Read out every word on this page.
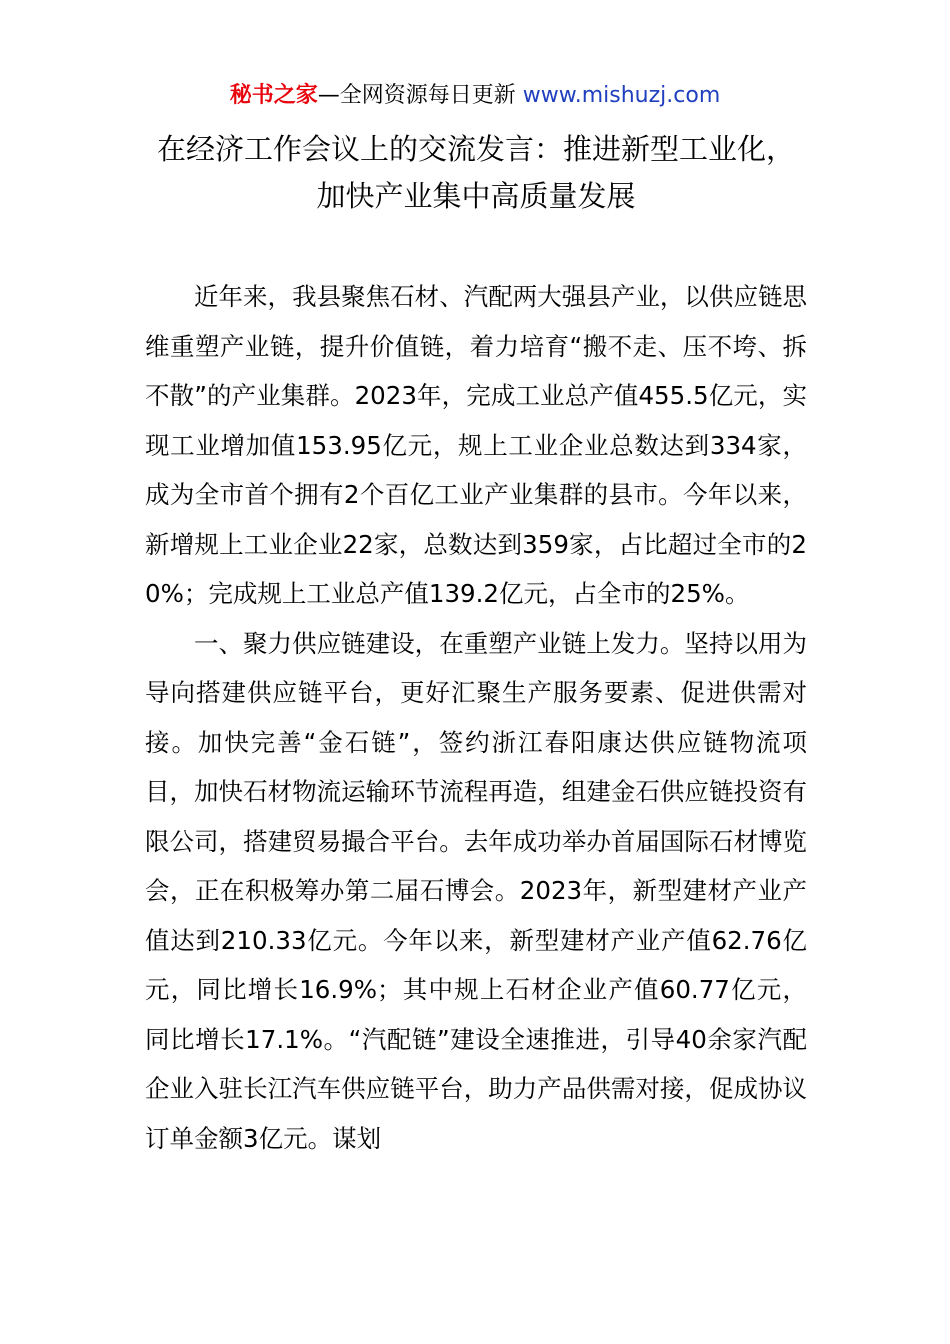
秘书之家—全网资源每日更新 www.mishuzj.com
在经济工作会议上的交流发言：推进新型工业化，加快产业集中高质量发展

近年来，我县聚焦石材、汽配两大强县产业，以供应链思维重塑产业链，提升价值链，着力培育“搬不走、压不垮、拆不散”的产业集群。2023年，完成工业总产值455.5亿元，实现工业增加值153.95亿元，规上工业企业总数达到334家，成为全市首个拥有2个百亿工业产业集群的县市。今年以来，新增规上工业企业22家，总数达到359家，占比超过全市的20%；完成规上工业总产值139.2亿元，占全市的25%。

一、聚力供应链建设，在重塑产业链上发力。坚持以用为导向搭建供应链平台，更好汇聚生产服务要素、促进供需对接。加快完善“金石链”，签约浙江春阳康达供应链物流项目，加快石材物流运输环节流程再造，组建金石供应链投资有限公司，搭建贸易撮合平台。去年成功举办首届国际石材博览会，正在积极筹办第二届石博会。2023年，新型建材产业产值达到210.33亿元。今年以来，新型建材产业产值62.76亿元，同比增长16.9%；其中规上石材企业产值60.77亿元，同比增长17.1%。“汽配链”建设全速推进，引导40余家汽配企业入驻长江汽车供应链平台，助力产品供需对接，促成协议订单金额3亿元。谋划
